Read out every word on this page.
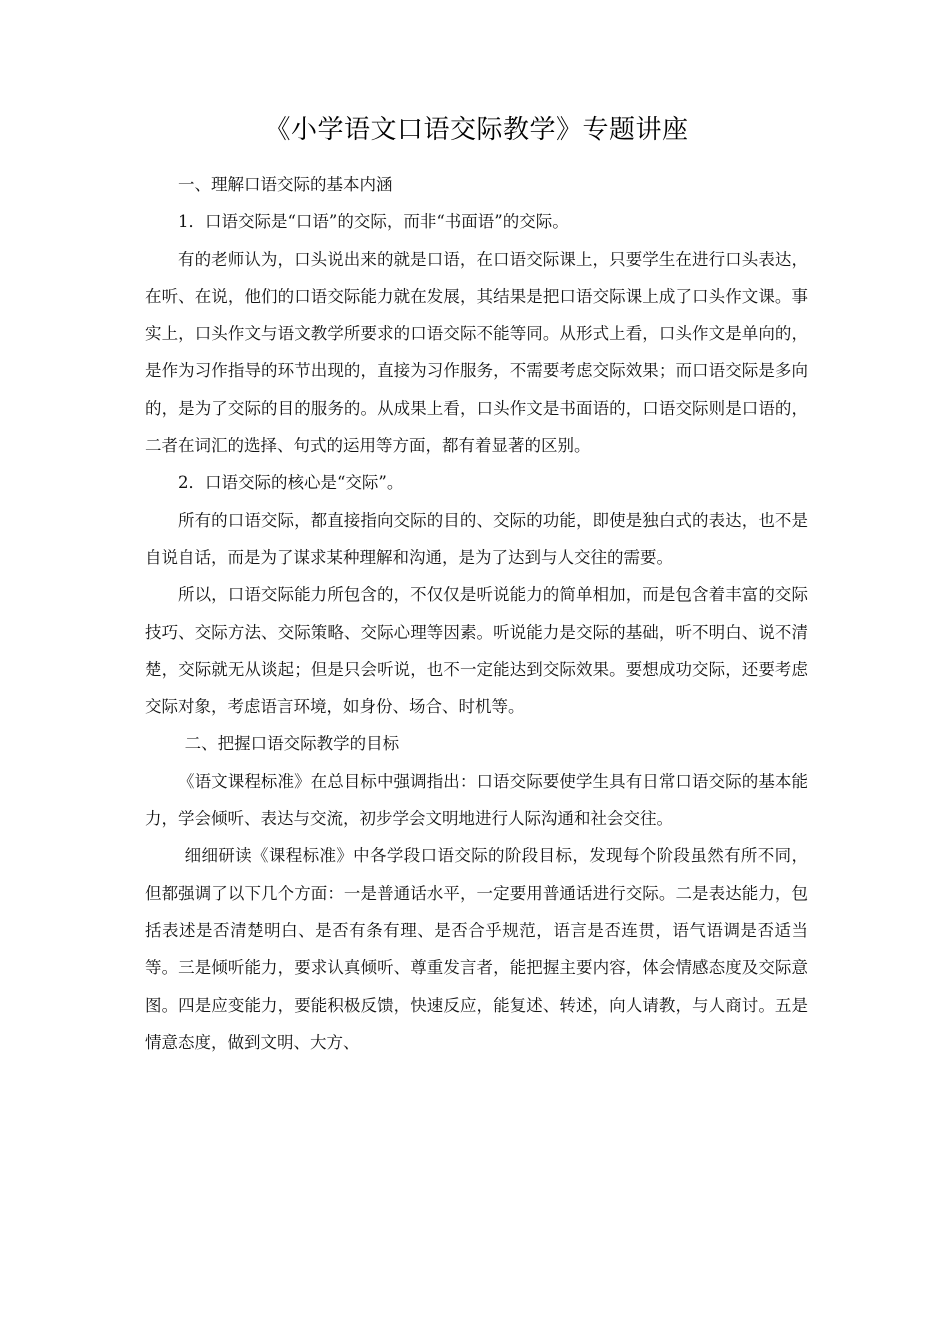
《小学语文口语交际教学》专题讲座
一、理解口语交际的基本内涵
1．口语交际是“口语”的交际，而非“书面语”的交际。
有的老师认为，口头说出来的就是口语，在口语交际课上，只要学生在进行口头表达，在听、在说，他们的口语交际能力就在发展，其结果是把口语交际课上成了口头作文课。事实上，口头作文与语文教学所要求的口语交际不能等同。从形式上看，口头作文是单向的，是作为习作指导的环节出现的，直接为习作服务，不需要考虑交际效果；而口语交际是多向的，是为了交际的目的服务的。从成果上看，口头作文是书面语的，口语交际则是口语的，二者在词汇的选择、句式的运用等方面，都有着显著的区别。
2．口语交际的核心是“交际”。
所有的口语交际，都直接指向交际的目的、交际的功能，即使是独白式的表达，也不是自说自话，而是为了谋求某种理解和沟通，是为了达到与人交往的需要。
所以，口语交际能力所包含的，不仅仅是听说能力的简单相加，而是包含着丰富的交际技巧、交际方法、交际策略、交际心理等因素。听说能力是交际的基础，听不明白、说不清楚，交际就无从谈起；但是只会听说，也不一定能达到交际效果。要想成功交际，还要考虑交际对象，考虑语言环境，如身份、场合、时机等。
二、把握口语交际教学的目标
《语文课程标准》在总目标中强调指出：口语交际要使学生具有日常口语交际的基本能力，学会倾听、表达与交流，初步学会文明地进行人际沟通和社会交往。
细细研读《课程标准》中各学段口语交际的阶段目标，发现每个阶段虽然有所不同，但都强调了以下几个方面：一是普通话水平，一定要用普通话进行交际。二是表达能力，包括表述是否清楚明白、是否有条有理、是否合乎规范，语言是否连贯，语气语调是否适当等。三是倾听能力，要求认真倾听、尊重发言者，能把握主要内容，体会情感态度及交际意图。四是应变能力，要能积极反馈，快速反应，能复述、转述，向人请教，与人商讨。五是情意态度，做到文明、大方、
